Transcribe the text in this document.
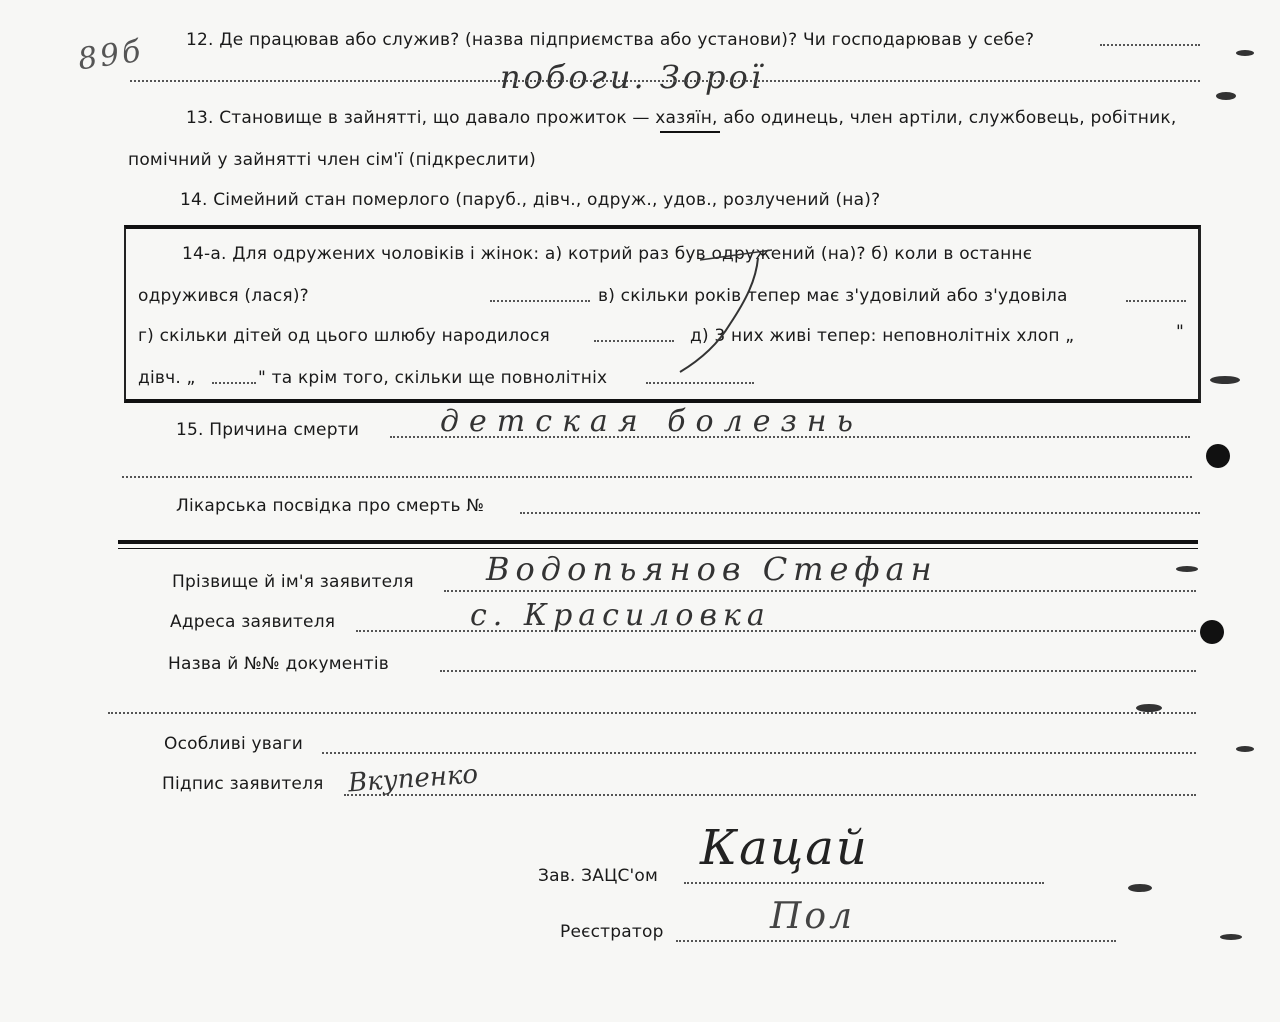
89б 12. Де працював або служив? (назва підприємства або установи)? Чи господарював у себе?
побоги. Зорої
13. Становище в зайнятті, що давало прожиток — хазяїн, або одинець, член артіли, службовець, робітник,
помічний у зайнятті член сім'ї (підкреслити)
14. Сімейний стан померлого (паруб., дівч., одруж., удов., розлучений (на)?
14-а. Для одружених чоловіків і жінок: а) котрий раз був одружений (на)? б) коли в останнє
одружився (лася)?	в) скільки років тепер має з'удовілий або з'удовіла
г) скільки дітей од цього шлюбу народилося	д) 3 них живі тепер: неповнолітніх хлоп „	"
дівч. „	" та крім того, скільки ще повнолітніх
15. Причина смерти	детская болезнь
Лікарська посвідка про смерть №
Прізвище й ім'я заявителя Водопьянов Стефан
Адреса заявителя	с. Красиловка
Назва й №№ документів
Особливі уваги
Підпис заявителя Вкупенко
Зав. ЗАЦС'ом Кацай
Реєстратор	Пол
